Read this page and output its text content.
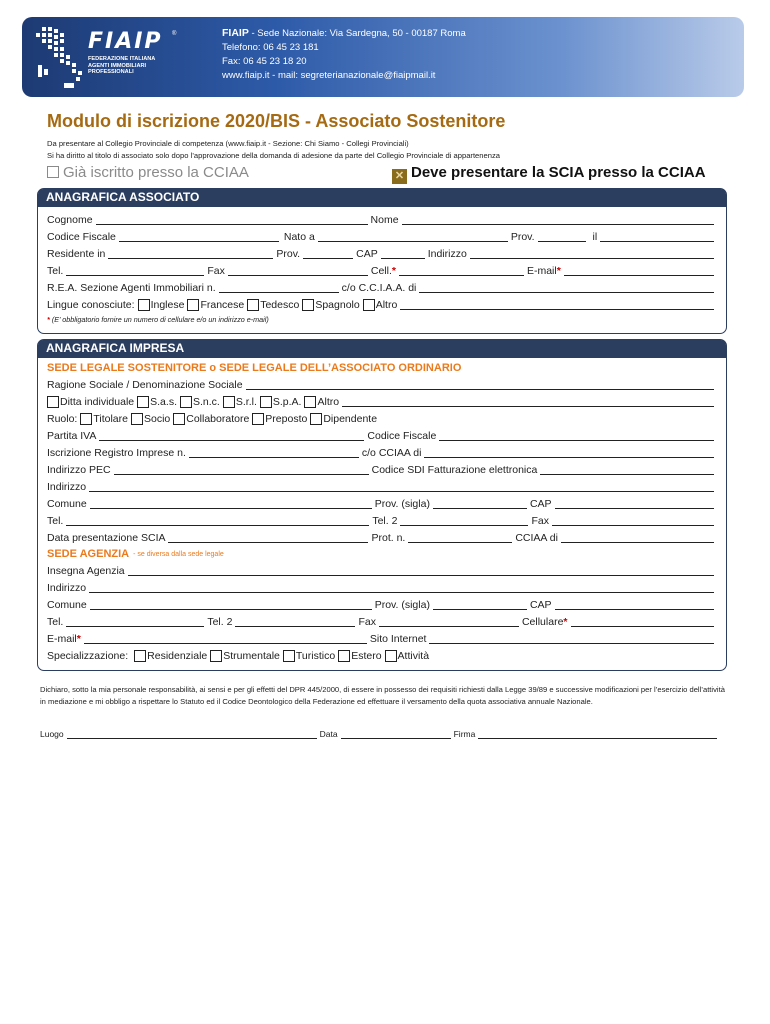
FIAIP ®
FEDERAZIONE ITALIANA
AGENTI IMMOBILIARI
PROFESSIONALI
FIAIP - Sede Nazionale: Via Sardegna, 50 - 00187 Roma
Telefono: 06 45 23 181
Fax: 06 45 23 18 20
www.fiaip.it - mail: segreterianazionale@fiaipmail.it
Modulo di iscrizione 2020/BIS - Associato Sostenitore
Da presentare al Collegio Provinciale di competenza (www.fiaip.it - Sezione: Chi Siamo - Collegi Provinciali)
Si ha diritto al titolo di associato solo dopo l’approvazione della domanda di adesione da parte del Collegio Provinciale di appartenenza
Già iscritto presso la CCIAA	✕ Deve presentare la SCIA presso la CCIAA
ANAGRAFICA ASSOCIATO
Cognome	Nome
Codice Fiscale	Nato a	Prov.	il
Residente in	Prov.	CAP	Indirizzo
Tel.	Fax	Cell. *	E-mail *
R.E.A. Sezione Agenti Immobiliari n.	c/o C.C.I.A.A. di
Lingue conosciute: Inglese Francese Tedesco Spagnolo Altro
*
(E’ obbligatorio fornire un numero di cellulare e/o un indirizzo e-mail)
ANAGRAFICA IMPRESA
SEDE LEGALE SOSTENITORE o SEDE LEGALE DELL’ASSOCIATO ORDINARIO
Ragione Sociale / Denominazione Sociale
Ditta individuale S.a.s. S.n.c. S.r.l. S.p.A. Altro
Ruolo: Titolare Socio Collaboratore Preposto Dipendente
Partita IVA	Codice Fiscale
Iscrizione Registro Imprese n.	c/o CCIAA di
Indirizzo PEC	Codice SDI Fatturazione elettronica
Indirizzo
Comune	Prov. (sigla)	CAP
Tel.	Tel. 2	Fax
Data presentazione SCIA	Prot. n.	CCIAA di
SEDE AGENZIA - se diversa dalla sede legale
Insegna Agenzia
Indirizzo
Comune	Prov. (sigla)	CAP
Tel.	Tel. 2	Fax	Cellulare *
E-mail *	Sito Internet
Specializzazione: Residenziale Strumentale Turistico Estero Attività
Dichiaro, sotto la mia personale responsabilità, ai sensi e per gli effetti del DPR 445/2000, di essere in possesso dei requisiti richiesti dalla Legge 39/89 e successive modificazioni per l’esercizio dell’attività in mediazione e mi obbligo a rispettare lo Statuto ed il Codice Deontologico della Federazione ed effettuare il versamento della quota associativa annuale Nazionale.
Luogo	Data	Firma
